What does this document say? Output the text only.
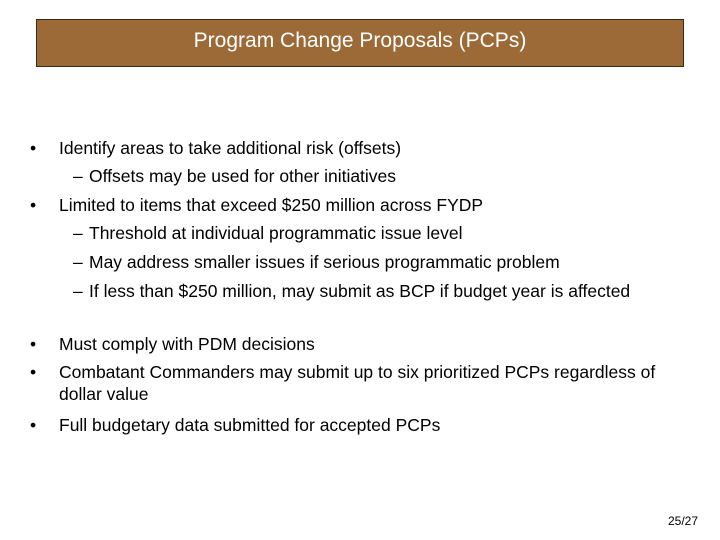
Program Change Proposals (PCPs)
• Identify areas to take additional risk (offsets)
– Offsets may be used for other initiatives
• Limited to items that exceed $250 million across FYDP
– Threshold at individual programmatic issue level
– May address smaller issues if serious programmatic problem
– If less than $250 million, may submit as BCP if budget year is affected
• Must comply with PDM decisions
• Combatant Commanders may submit up to six prioritized PCPs regardless of dollar value
• Full budgetary data submitted for accepted PCPs
25/27
